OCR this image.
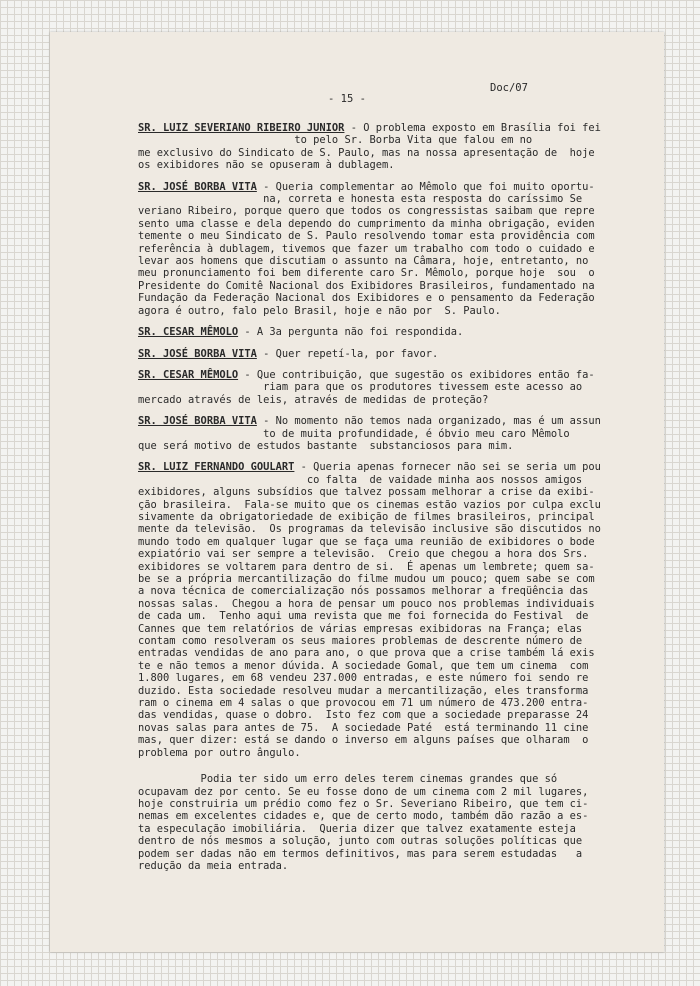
Doc/07
- 15 -

SR. LUIZ SEVERIANO RIBEIRO JUNIOR - O problema exposto em Brasília foi fei
to pelo Sr. Borba Vita que falou em no
me exclusivo do Sindicato de S. Paulo, mas na nossa apresentação de  hoje
os exibidores não se opuseram à dublagem.

SR. JOSÉ BORBA VITA - Queria complementar ao Mêmolo que foi muito oportu-
na, correta e honesta esta resposta do caríssimo Se
veriano Ribeiro, porque quero que todos os congressistas saibam que repre
sento uma classe e dela dependo do cumprimento da minha obrigação, eviden
temente o meu Sindicato de S. Paulo resolvendo tomar esta providência com
referência à dublagem, tivemos que fazer um trabalho com todo o cuidado e
levar aos homens que discutiam o assunto na Câmara, hoje, entretanto, no
meu pronunciamento foi bem diferente caro Sr. Mêmolo, porque hoje  sou  o
Presidente do Comitê Nacional dos Exibidores Brasileiros, fundamentado na
Fundação da Federação Nacional dos Exibidores e o pensamento da Federação
agora é outro, falo pelo Brasil, hoje e não por  S. Paulo.

SR. CESAR MÊMOLO - A 3a pergunta não foi respondida.

SR. JOSÉ BORBA VITA - Quer repetí-la, por favor.

SR. CESAR MÊMOLO - Que contribuição, que sugestão os exibidores então fa-
riam para que os produtores tivessem este acesso ao
mercado através de leis, através de medidas de proteção?

SR. JOSÉ BORBA VITA - No momento não temos nada organizado, mas é um assun
to de muita profundidade, é óbvio meu caro Mêmolo
que será motivo de estudos bastante  substanciosos para mim.

SR. LUIZ FERNANDO GOULART - Queria apenas fornecer não sei se seria um pou
co falta  de vaidade minha aos nossos amigos
exibidores, alguns subsídios que talvez possam melhorar a crise da exibi-
ção brasileira.  Fala-se muito que os cinemas estão vazios por culpa exclu
sivamente da obrigatoriedade de exibição de filmes brasileiros, principal
mente da televisão.  Os programas da televisão inclusive são discutidos no
mundo todo em qualquer lugar que se faça uma reunião de exibidores o bode
expiatório vai ser sempre a televisão.  Creio que chegou a hora dos Srs.
exibidores se voltarem para dentro de si.  É apenas um lembrete; quem sa-
be se a própria mercantilização do filme mudou um pouco; quem sabe se com
a nova técnica de comercialização nós possamos melhorar a freqüência das
nossas salas.  Chegou a hora de pensar um pouco nos problemas individuais
de cada um.  Tenho aqui uma revista que me foi fornecida do Festival  de
Cannes que tem relatórios de várias empresas exibidoras na França; elas
contam como resolveram os seus maiores problemas de descrente número de
entradas vendidas de ano para ano, o que prova que a crise também lá exis
te e não temos a menor dúvida. A sociedade Gomal, que tem um cinema  com
1.800 lugares, em 68 vendeu 237.000 entradas, e este número foi sendo re
duzido. Esta sociedade resolveu mudar a mercantilização, eles transforma
ram o cinema em 4 salas o que provocou em 71 um número de 473.200 entra-
das vendidas, quase o dobro.  Isto fez com que a sociedade preparasse 24
novas salas para antes de 75.  A sociedade Paté  está terminando 11 cine
mas, quer dizer: está se dando o inverso em alguns países que olharam  o
problema por outro ângulo.

Podia ter sido um erro deles terem cinemas grandes que só
ocupavam dez por cento. Se eu fosse dono de um cinema com 2 mil lugares,
hoje construiria um prédio como fez o Sr. Severiano Ribeiro, que tem ci-
nemas em excelentes cidades e, que de certo modo, também dão razão a es-
ta especulação imobiliária.  Queria dizer que talvez exatamente esteja
dentro de nós mesmos a solução, junto com outras soluções políticas que
podem ser dadas não em termos definitivos, mas para serem estudadas   a
redução da meia entrada.
